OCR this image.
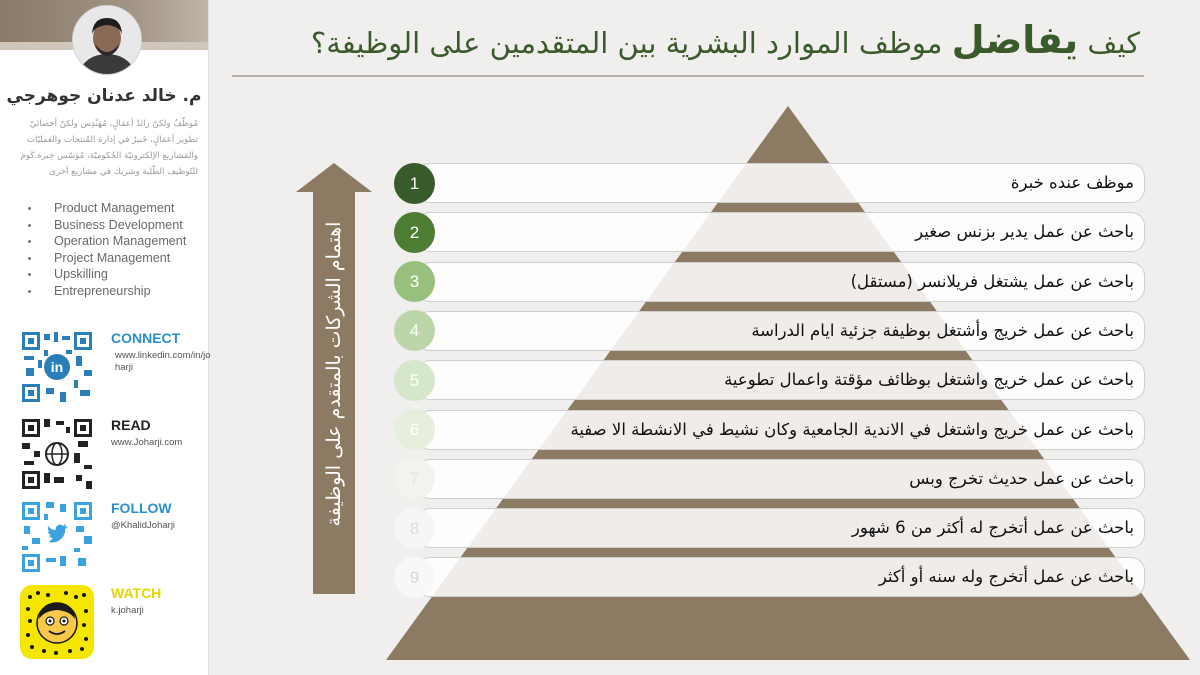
م. خالد عدنان جوهرجي
مُوظّفٌ ولكنّ رائدُ أعمَالٍ، مُهَنْدِس ولكنّ أخصائيّ تطوير أعمَالٍ، خَبيرٌ في إدارة المُنتجات والعَمليّات والمَشاريع الإلكترونيّة الحُكوميّة، مُؤسّس خِبرة.كَوم للتّوظيف الطّلبة وشريك في مشاريع أخرى
Product Management
Business Development
Operation Management
Project Management
Upskilling
Entrepreneurship
in
CONNECT
www.linkedin.com/in/joharji
READ
www.Joharji.com
FOLLOW
@KhalidJoharji
WATCH
k.joharji
كيف يفاضل موظف الموارد البشرية بين المتقدمين على الوظيفة؟
اهتمام الشركات بالمتقدم على الوظيفة
موظف عنده خبرة
1
باحث عن عمل يدير بزنس صغير
2
باحث عن عمل يشتغل فريلانسر (مستقل)
3
باحث عن عمل خريج وأشتغل بوظيفة جزئية ايام الدراسة
4
باحث عن عمل خريج واشتغل بوظائف مؤقتة واعمال تطوعية
5
باحث عن عمل خريج واشتغل في الاندية الجامعية وكان نشيط في الانشطة الا صفية
6
باحث عن عمل حديث تخرج وبس
7
باحث عن عمل أتخرج له أكثر من 6 شهور
8
باحث عن عمل أتخرج وله سنه أو أكثر
9
